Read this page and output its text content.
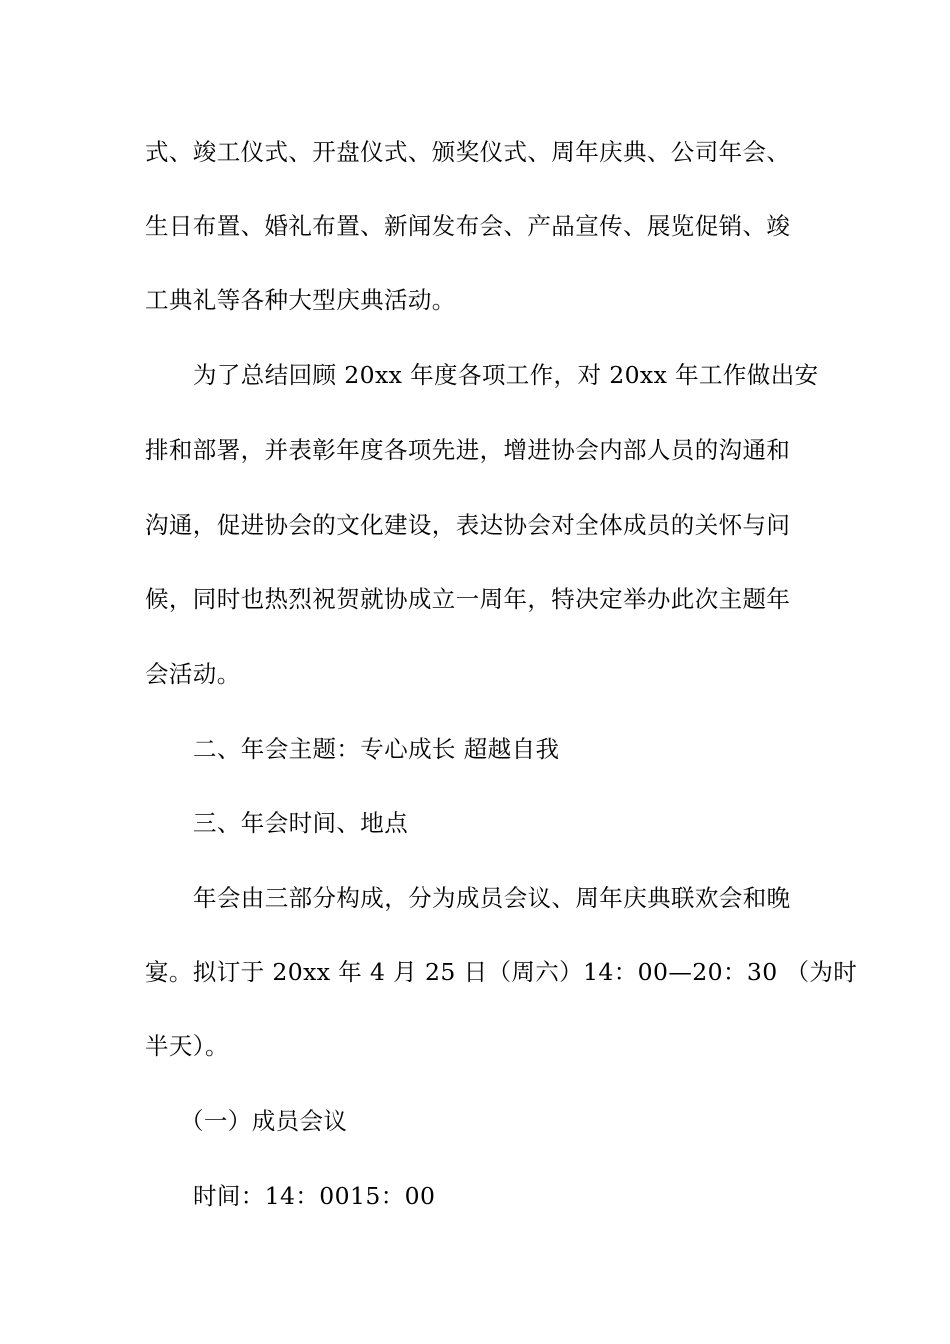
式、竣工仪式、开盘仪式、颁奖仪式、周年庆典、公司年会、
生日布置、婚礼布置、新闻发布会、产品宣传、展览促销、竣
工典礼等各种大型庆典活动。
为了总结回顾 20xx 年度各项工作，对 20xx 年工作做出安
排和部署，并表彰年度各项先进，增进协会内部人员的沟通和
沟通，促进协会的文化建设，表达协会对全体成员的关怀与问
候，同时也热烈祝贺就协成立一周年，特决定举办此次主题年
会活动。
二、年会主题：专心成长 超越自我
三、年会时间、地点
年会由三部分构成，分为成员会议、周年庆典联欢会和晚
宴。拟订于 20xx 年 4 月 25 日（周六）14：00—20：30 （为时
半天）。
（一）成员会议
时间：14：0015：00
